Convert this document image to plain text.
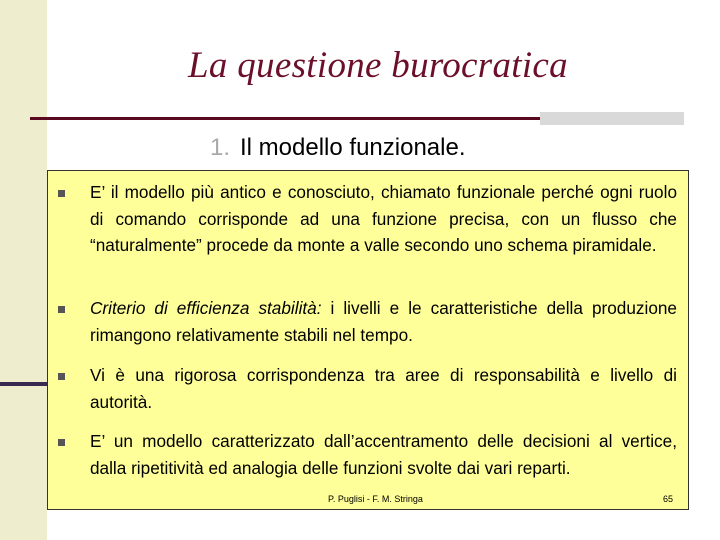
La questione burocratica
1. Il modello funzionale.
E’ il modello più antico e conosciuto, chiamato funzionale perché ogni ruolo di comando corrisponde ad una funzione precisa, con un flusso che “naturalmente” procede da monte a valle secondo uno schema piramidale.
Criterio di efficienza stabilità: i livelli e le caratteristiche della produzione rimangono relativamente stabili nel tempo.
Vi è una rigorosa corrispondenza tra aree di responsabilità e livello di autorità.
E’ un modello caratterizzato dall’accentramento delle decisioni al vertice, dalla ripetitività ed analogia delle funzioni svolte dai vari reparti.
P. Puglisi - F. M. Stringa	65
